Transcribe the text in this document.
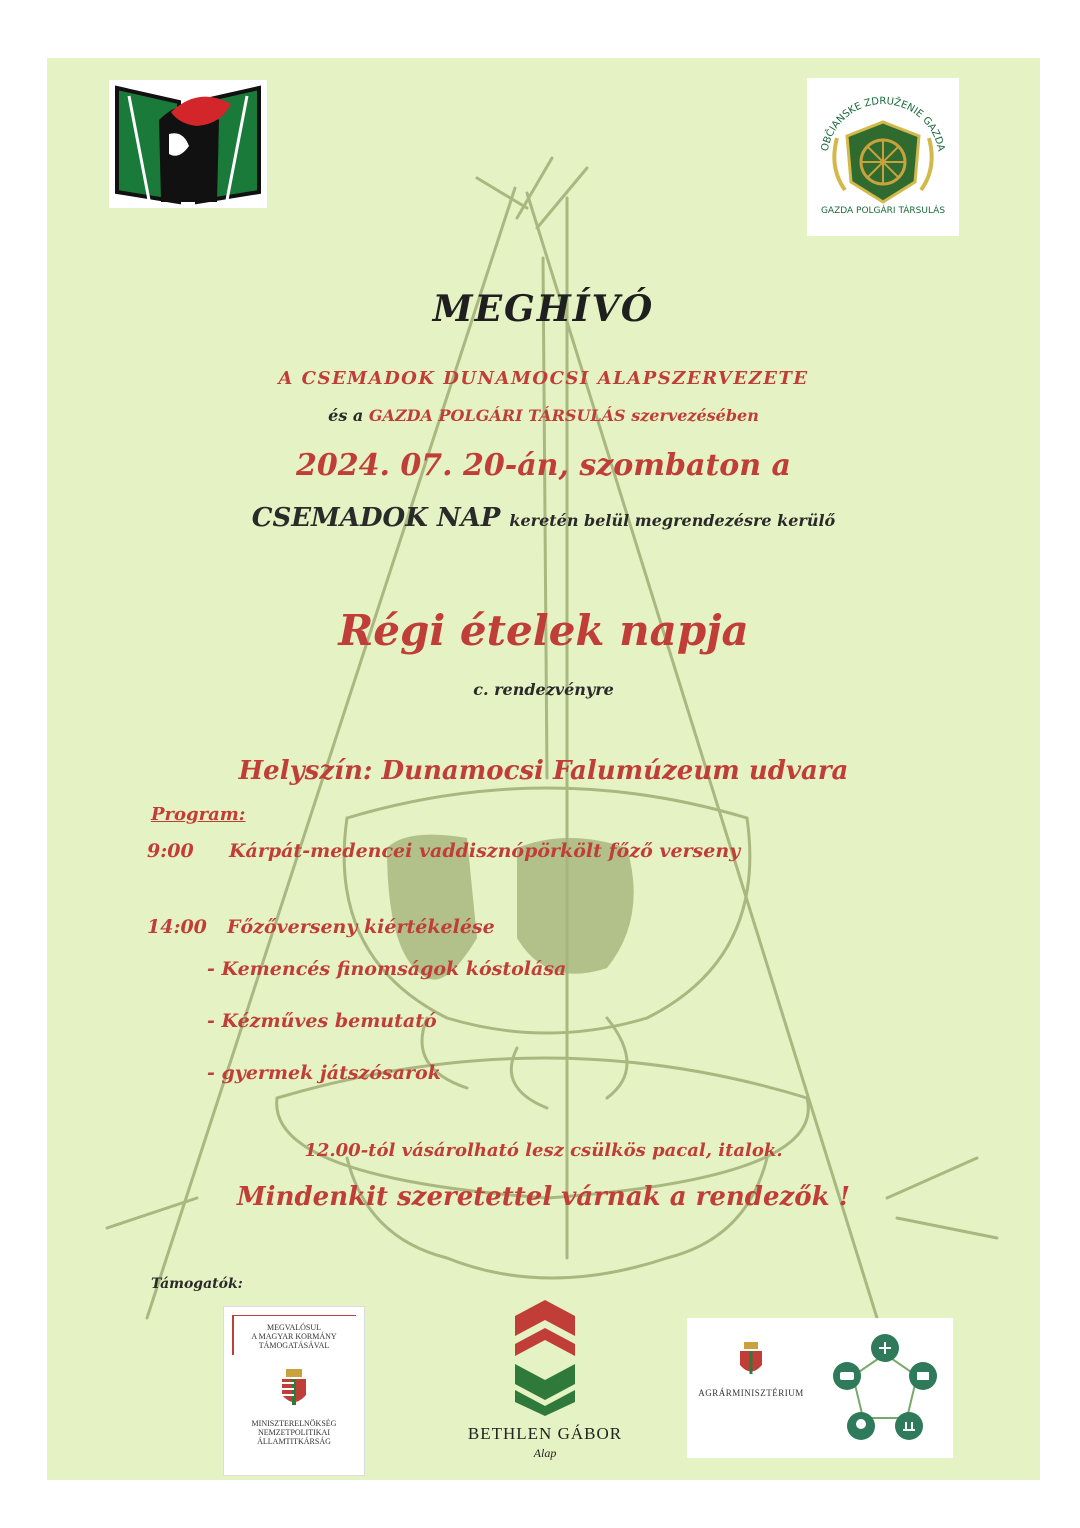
OBČIANSKE ZDRUŽENIE GAZDA

GAZDA POLGÁRI TÁRSULÁS

MEGHÍVÓ

A CSEMADOK DUNAMOCSI ALAPSZERVEZETE

és a GAZDA POLGÁRI TÁRSULÁS szervezésében

2024. 07. 20-án, szombaton a

CSEMADOK NAP keretén belül megrendezésre kerülő

Régi ételek napja

c. rendezvényre

Helyszín: Dunamocsi Falumúzeum udvara

Program:

9:00 Kárpát-medencei vaddisznópörkölt főző verseny

14:00 Főzőverseny kiértékelése

- Kemencés finomságok kóstolása

- Kézműves bemutató

- gyermek játszósarok

12.00-tól vásárolható lesz csülkös pacal, italok.

Mindenkit szeretettel várnak a rendezők !

Támogatók:

MEGVALÓSUL

A MAGYAR KORMÁNY

TÁMOGATÁSÁVAL

MINISZTERELNÖKSÉG

NEMZETPOLITIKAI ÁLLAMTITKÁRSÁG	BETHLEN GÁBOR

Alap

AGRÁRMINISZTÉRIUM
